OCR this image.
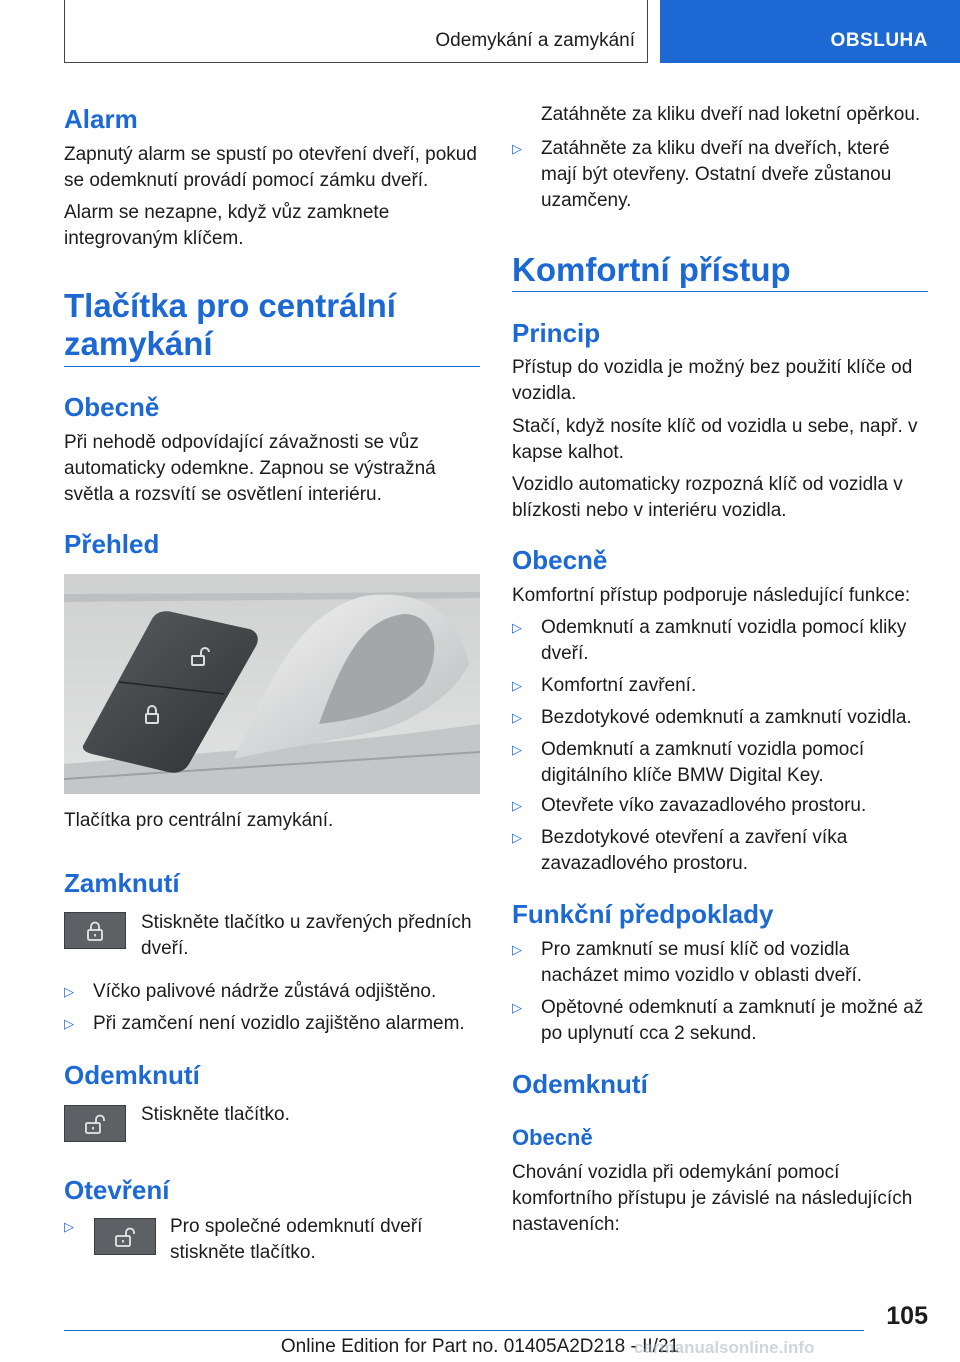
Odemykání a zamykání	OBSLUHA
Alarm

Zapnutý alarm se spustí po otevření dveří, pokud se odemknutí provádí pomocí zámku dveří.

Alarm se nezapne, když vůz zamknete integrovaným klíčem.

Tlačítka pro centrální
zamykání
Obecně

Při nehodě odpovídající závažnosti se vůz automaticky odemkne. Zapnou se výstražná světla a rozsvítí se osvětlení interiéru.

Přehled

Tlačítka pro centrální zamykání.

Zamknutí

Stiskněte tlačítko u zavřených předních dveří.

▷	Víčko palivové nádrže zůstává odjištěno.
▷	Při zamčení není vozidlo zajištěno alarmem.
Odemknutí

Stiskněte tlačítko.

Otevření
▷	Pro společné odemknutí dveří stiskněte tlačítko.

Zatáhněte za kliku dveří nad loketní opěrkou.

▷	Zatáhněte za kliku dveří na dveřích, které mají být otevřeny. Ostatní dveře zůstanou uzamčeny.
Komfortní přístup
Princip

Přístup do vozidla je možný bez použití klíče od vozidla.

Stačí, když nosíte klíč od vozidla u sebe, např. v kapse kalhot.

Vozidlo automaticky rozpozná klíč od vozidla v blízkosti nebo v interiéru vozidla.

Obecně

Komfortní přístup podporuje následující funkce:

▷	Odemknutí a zamknutí vozidla pomocí kliky dveří.
▷	Komfortní zavření.
▷	Bezdotykové odemknutí a zamknutí vozidla.
▷	Odemknutí a zamknutí vozidla pomocí digitálního klíče BMW Digital Key.
▷	Otevřete víko zavazadlového prostoru.
▷	Bezdotykové otevření a zavření víka zavazadlového prostoru.
Funkční předpoklady
▷	Pro zamknutí se musí klíč od vozidla nacházet mimo vozidlo v oblasti dveří.
▷	Opětovné odemknutí a zamknutí je možné až po uplynutí cca 2 sekund.
Odemknutí
Obecně

Chování vozidla při odemykání pomocí komfortního přístupu je závislé na následujících nastaveních:

105
Online Edition for Part no. 01405A2D218 - II/21
carmanualsonline.info
